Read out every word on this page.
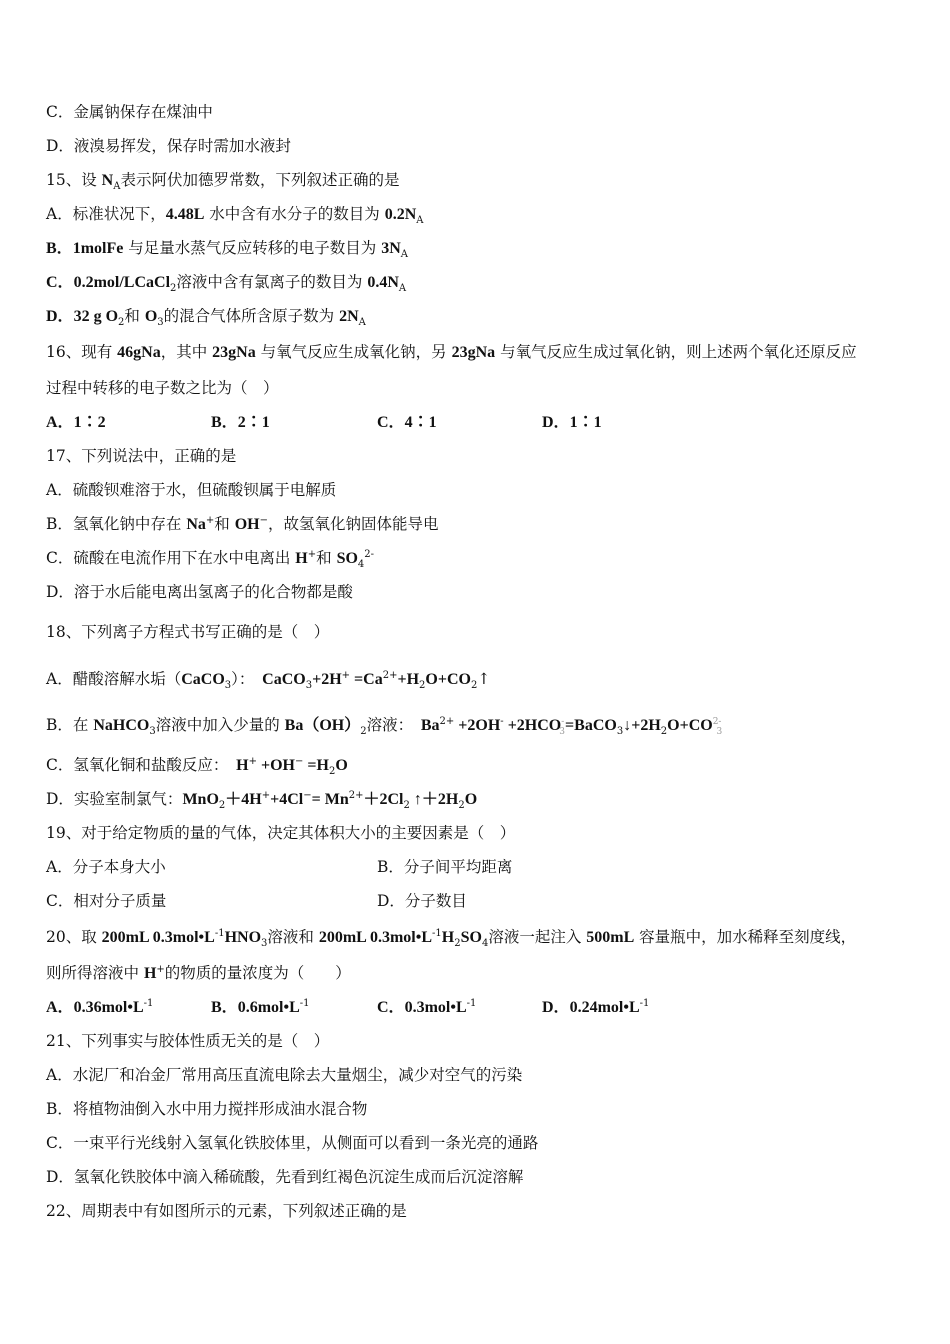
C．金属钠保存在煤油中
D．液溴易挥发，保存时需加水液封
15、设 $N_A$表示阿伏加德罗常数，下列叙述正确的是
A．标准状况下，4.48L 水中含有水分子的数目为 $0.2N_A$
B．1molFe 与足量水蒸气反应转移的电子数目为 $3N_A$
C．0.2mol/LCaCl$_2$溶液中含有氯离子的数目为 $0.4N_A$
D．32 g $O_2$和 $O_3$的混合气体所含原子数为 $2N_A$
16、现有 46gNa，其中 23gNa 与氧气反应生成氧化钠，另 23gNa 与氧气反应生成过氧化钠，则上述两个氧化还原反应
过程中转移的电子数之比为（　）
A．1∶2	B．2∶1	C．4∶1	D．1∶1
17、下列说法中，正确的是
A．硫酸钡难溶于水，但硫酸钡属于电解质
B．氢氧化钠中存在 Na+和 OH−，故氢氧化钠固体能导电
C．硫酸在电流作用下在水中电离出 H+和 $SO_4^{2-}$
D．溶于水后能电离出氢离子的化合物都是酸
18、下列离子方程式书写正确的是（　）
A．醋酸溶解水垢（CaCO$_3$）：　CaCO$_3$+2H+ $=Ca^{2+}+H_2O+CO_2↑$
B．在 NaHCO$_3$溶液中加入少量的 $Ba(OH)_2$溶液：　$Ba^{2+} +2OH^-$ $+2HCO^-_3=BaCO_3↓+2H_2O+CO^{2-}_3$
C．氢氧化铜和盐酸反应：　$H^+ +OH^- =H_2O$
D．实验室制氯气：$MnO_2+4H^++4Cl^-= Mn^{2+}+2Cl_2$ $↑+2H_2O$
19、对于给定物质的量的气体，决定其体积大小的主要因素是（　）
A．分子本身大小	B．分子间平均距离
C．相对分子质量	D．分子数目
20、取 200mL $0.3mol•L^{-1}HNO_3$溶液和 200mL $0.3mol•L^{-1}H_2SO_4$溶液一起注入 500mL 容量瓶中，加水稀释至刻度线，
则所得溶液中 H+的物质的量浓度为（　　）
A．$0.36mol•L^{-1}$	B．$0.6mol•L^{-1}$	C．$0.3mol•L^{-1}$	D．$0.24mol•L^{-1}$
21、下列事实与胶体性质无关的是（　）
A．水泥厂和冶金厂常用高压直流电除去大量烟尘，减少对空气的污染
B．将植物油倒入水中用力搅拌形成油水混合物
C．一束平行光线射入氢氧化铁胶体里，从侧面可以看到一条光亮的通路
D．氢氧化铁胶体中滴入稀硫酸，先看到红褐色沉淀生成而后沉淀溶解
22、周期表中有如图所示的元素，下列叙述正确的是
